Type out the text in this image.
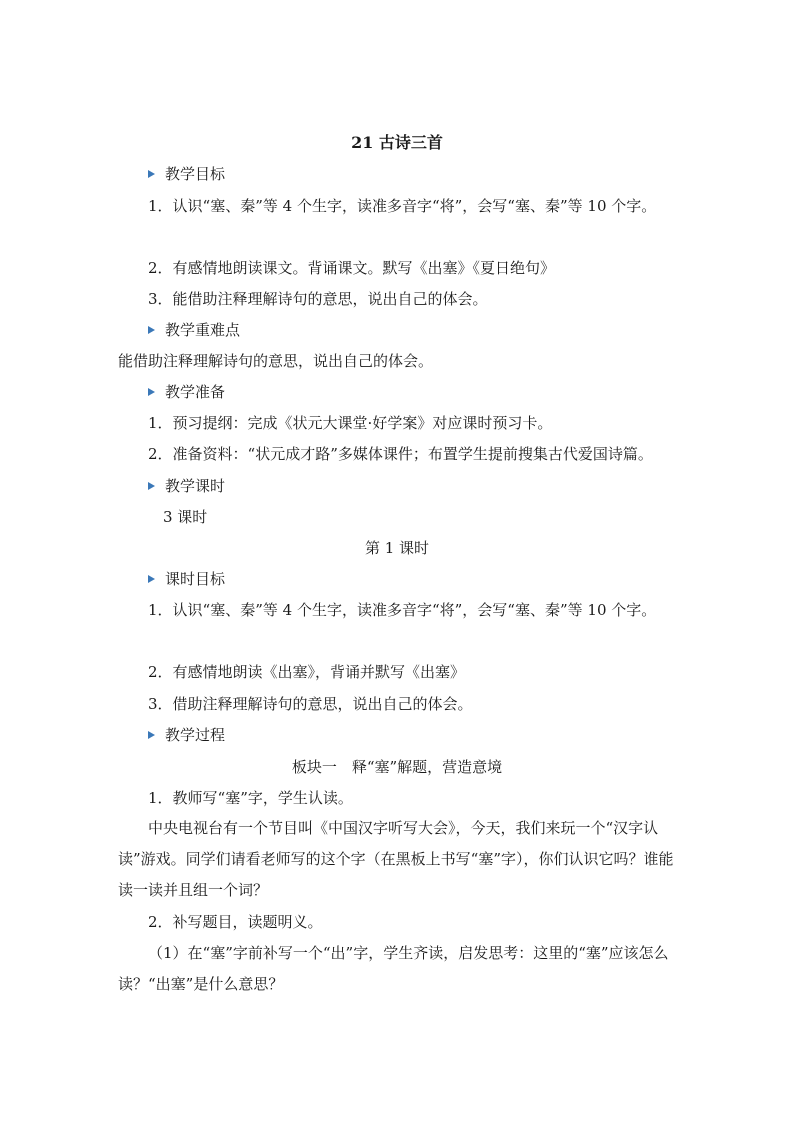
21 古诗三首
教学目标

1．认识“塞、秦”等 4 个生字，读准多音字“将”，会写“塞、秦”等 10 个字。

2．有感情地朗读课文。背诵课文。默写《出塞》《夏日绝句》
3．能借助注释理解诗句的意思，说出自己的体会。
教学重难点
能借助注释理解诗句的意思，说出自己的体会。
教学准备
1．预习提纲：完成《状元大课堂·好学案》对应课时预习卡。
2．准备资料：“状元成才路”多媒体课件；布置学生提前搜集古代爱国诗篇。
教学课时
3 课时
第 1 课时
课时目标

1．认识“塞、秦”等 4 个生字，读准多音字“将”，会写“塞、秦”等 10 个字。

2．有感情地朗读《出塞》，背诵并默写《出塞》
3．借助注释理解诗句的意思，说出自己的体会。
教学过程
板块一　释“塞”解题，营造意境
1．教师写“塞”字，学生认读。

中央电视台有一个节目叫《中国汉字听写大会》，今天，我们来玩一个“汉字认读”游戏。同学们请看老师写的这个字（在黑板上书写“塞”字），你们认识它吗？谁能读一读并且组一个词？

2．补写题目，读题明义。

（1）在“塞”字前补写一个“出”字，学生齐读，启发思考：这里的“塞”应该怎么读？“出塞”是什么意思？
